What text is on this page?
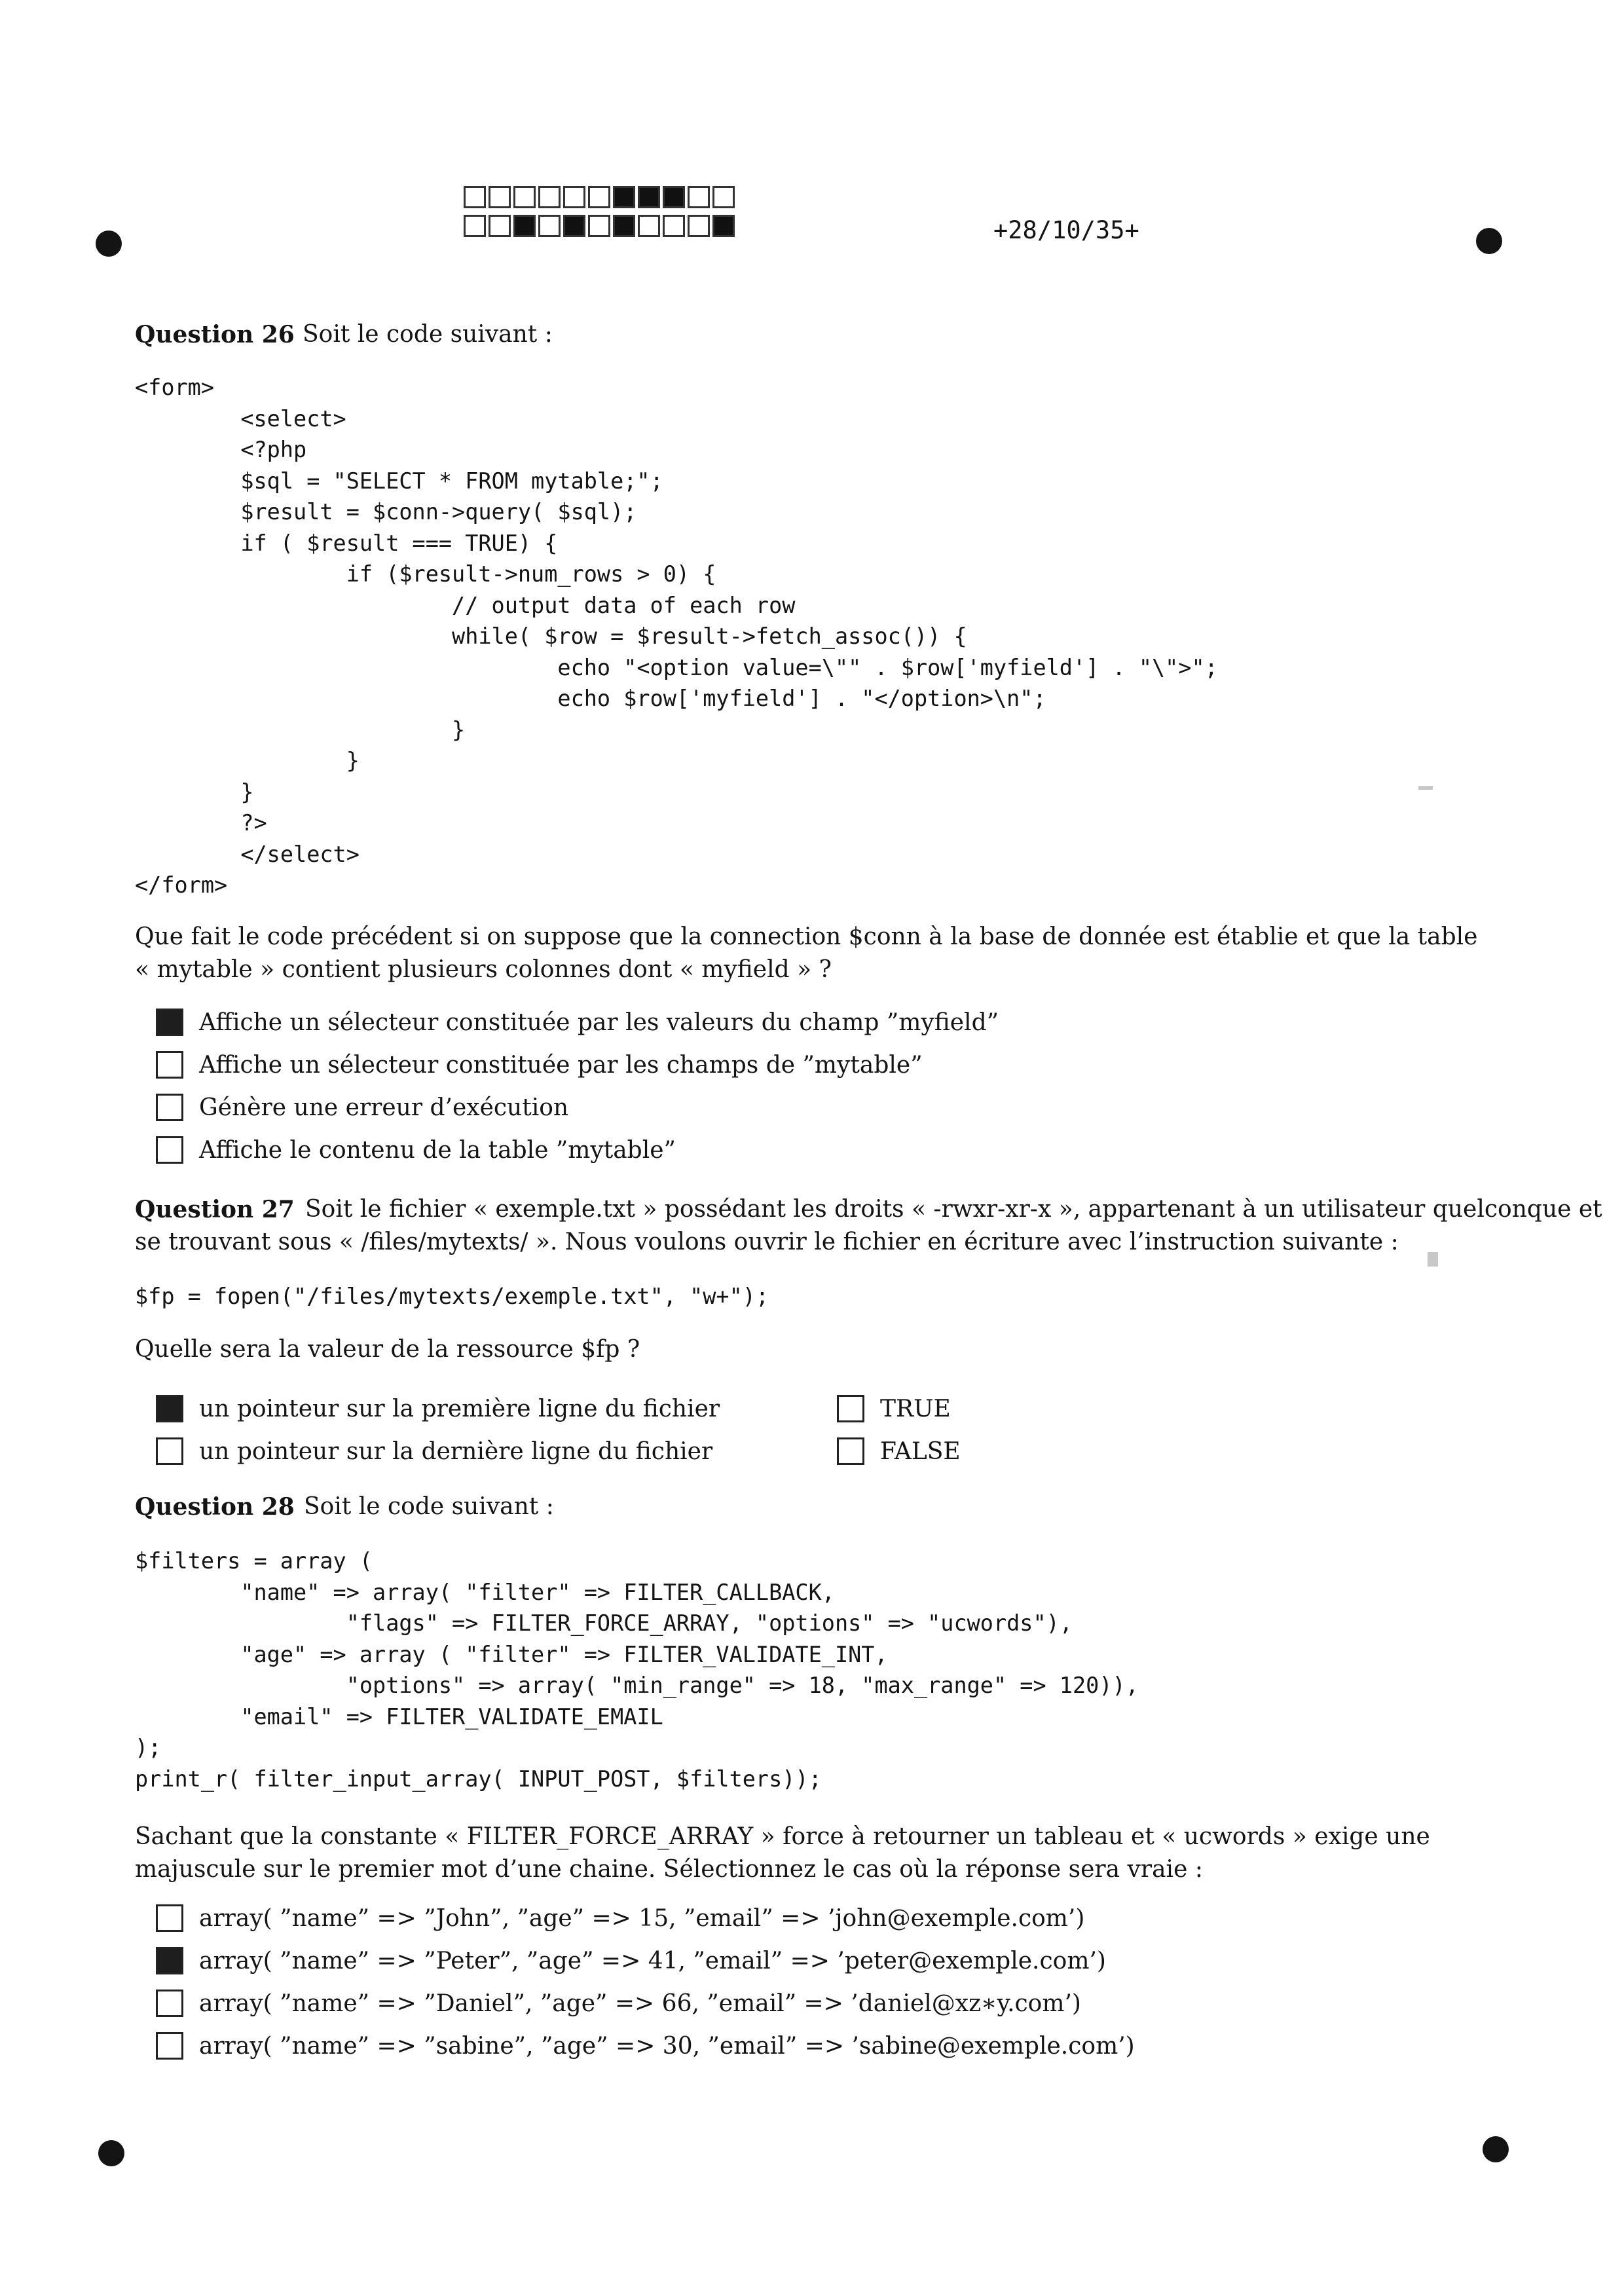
+28/10/35+
Question 26 Soit le code suivant :
<form>
<select>
<?php
$sql = "SELECT * FROM mytable;";
$result = $conn->query( $sql);
if ( $result === TRUE) {
if ($result->num_rows > 0) {
// output data of each row
while( $row = $result->fetch_assoc()) {
echo "<option value=\"" . $row['myfield'] . "\">";
echo $row['myfield'] . "</option>\n";
}
}
}
?>
</select>
</form>
Que fait le code précédent si on suppose que la connection $conn à la base de donnée est établie et que la table « mytable » contient plusieurs colonnes dont « myfield » ?
Affiche un sélecteur constituée par les valeurs du champ ”myfield”
Affiche un sélecteur constituée par les champs de ”mytable”
Génère une erreur d’exécution
Affiche le contenu de la table ”mytable”
Question 27 Soit le fichier « exemple.txt » possédant les droits « -rwxr-xr-x », appartenant à un utilisateur quelconque et
se trouvant sous « /files/mytexts/ ». Nous voulons ouvrir le fichier en écriture avec l’instruction suivante :
$fp = fopen("/files/mytexts/exemple.txt", "w+");
Quelle sera la valeur de la ressource $fp ?
un pointeur sur la première ligne du fichier
un pointeur sur la dernière ligne du fichier
TRUE
FALSE
Question 28 Soit le code suivant :
$filters = array (
"name" => array( "filter" => FILTER_CALLBACK,
"flags" => FILTER_FORCE_ARRAY, "options" => "ucwords"),
"age" => array ( "filter" => FILTER_VALIDATE_INT,
"options" => array( "min_range" => 18, "max_range" => 120)),
"email" => FILTER_VALIDATE_EMAIL
);
print_r( filter_input_array( INPUT_POST, $filters));
Sachant que la constante « FILTER_FORCE_ARRAY » force à retourner un tableau et « ucwords » exige une majuscule sur le premier mot d’une chaine. Sélectionnez le cas où la réponse sera vraie :
array( ”name” => ”John”, ”age” => 15, ”email” => ’john@exemple.com’)
array( ”name” => ”Peter”, ”age” => 41, ”email” => ’peter@exemple.com’)
array( ”name” => ”Daniel”, ”age” => 66, ”email” => ’daniel@xz∗y.com’)
array( ”name” => ”sabine”, ”age” => 30, ”email” => ’sabine@exemple.com’)
